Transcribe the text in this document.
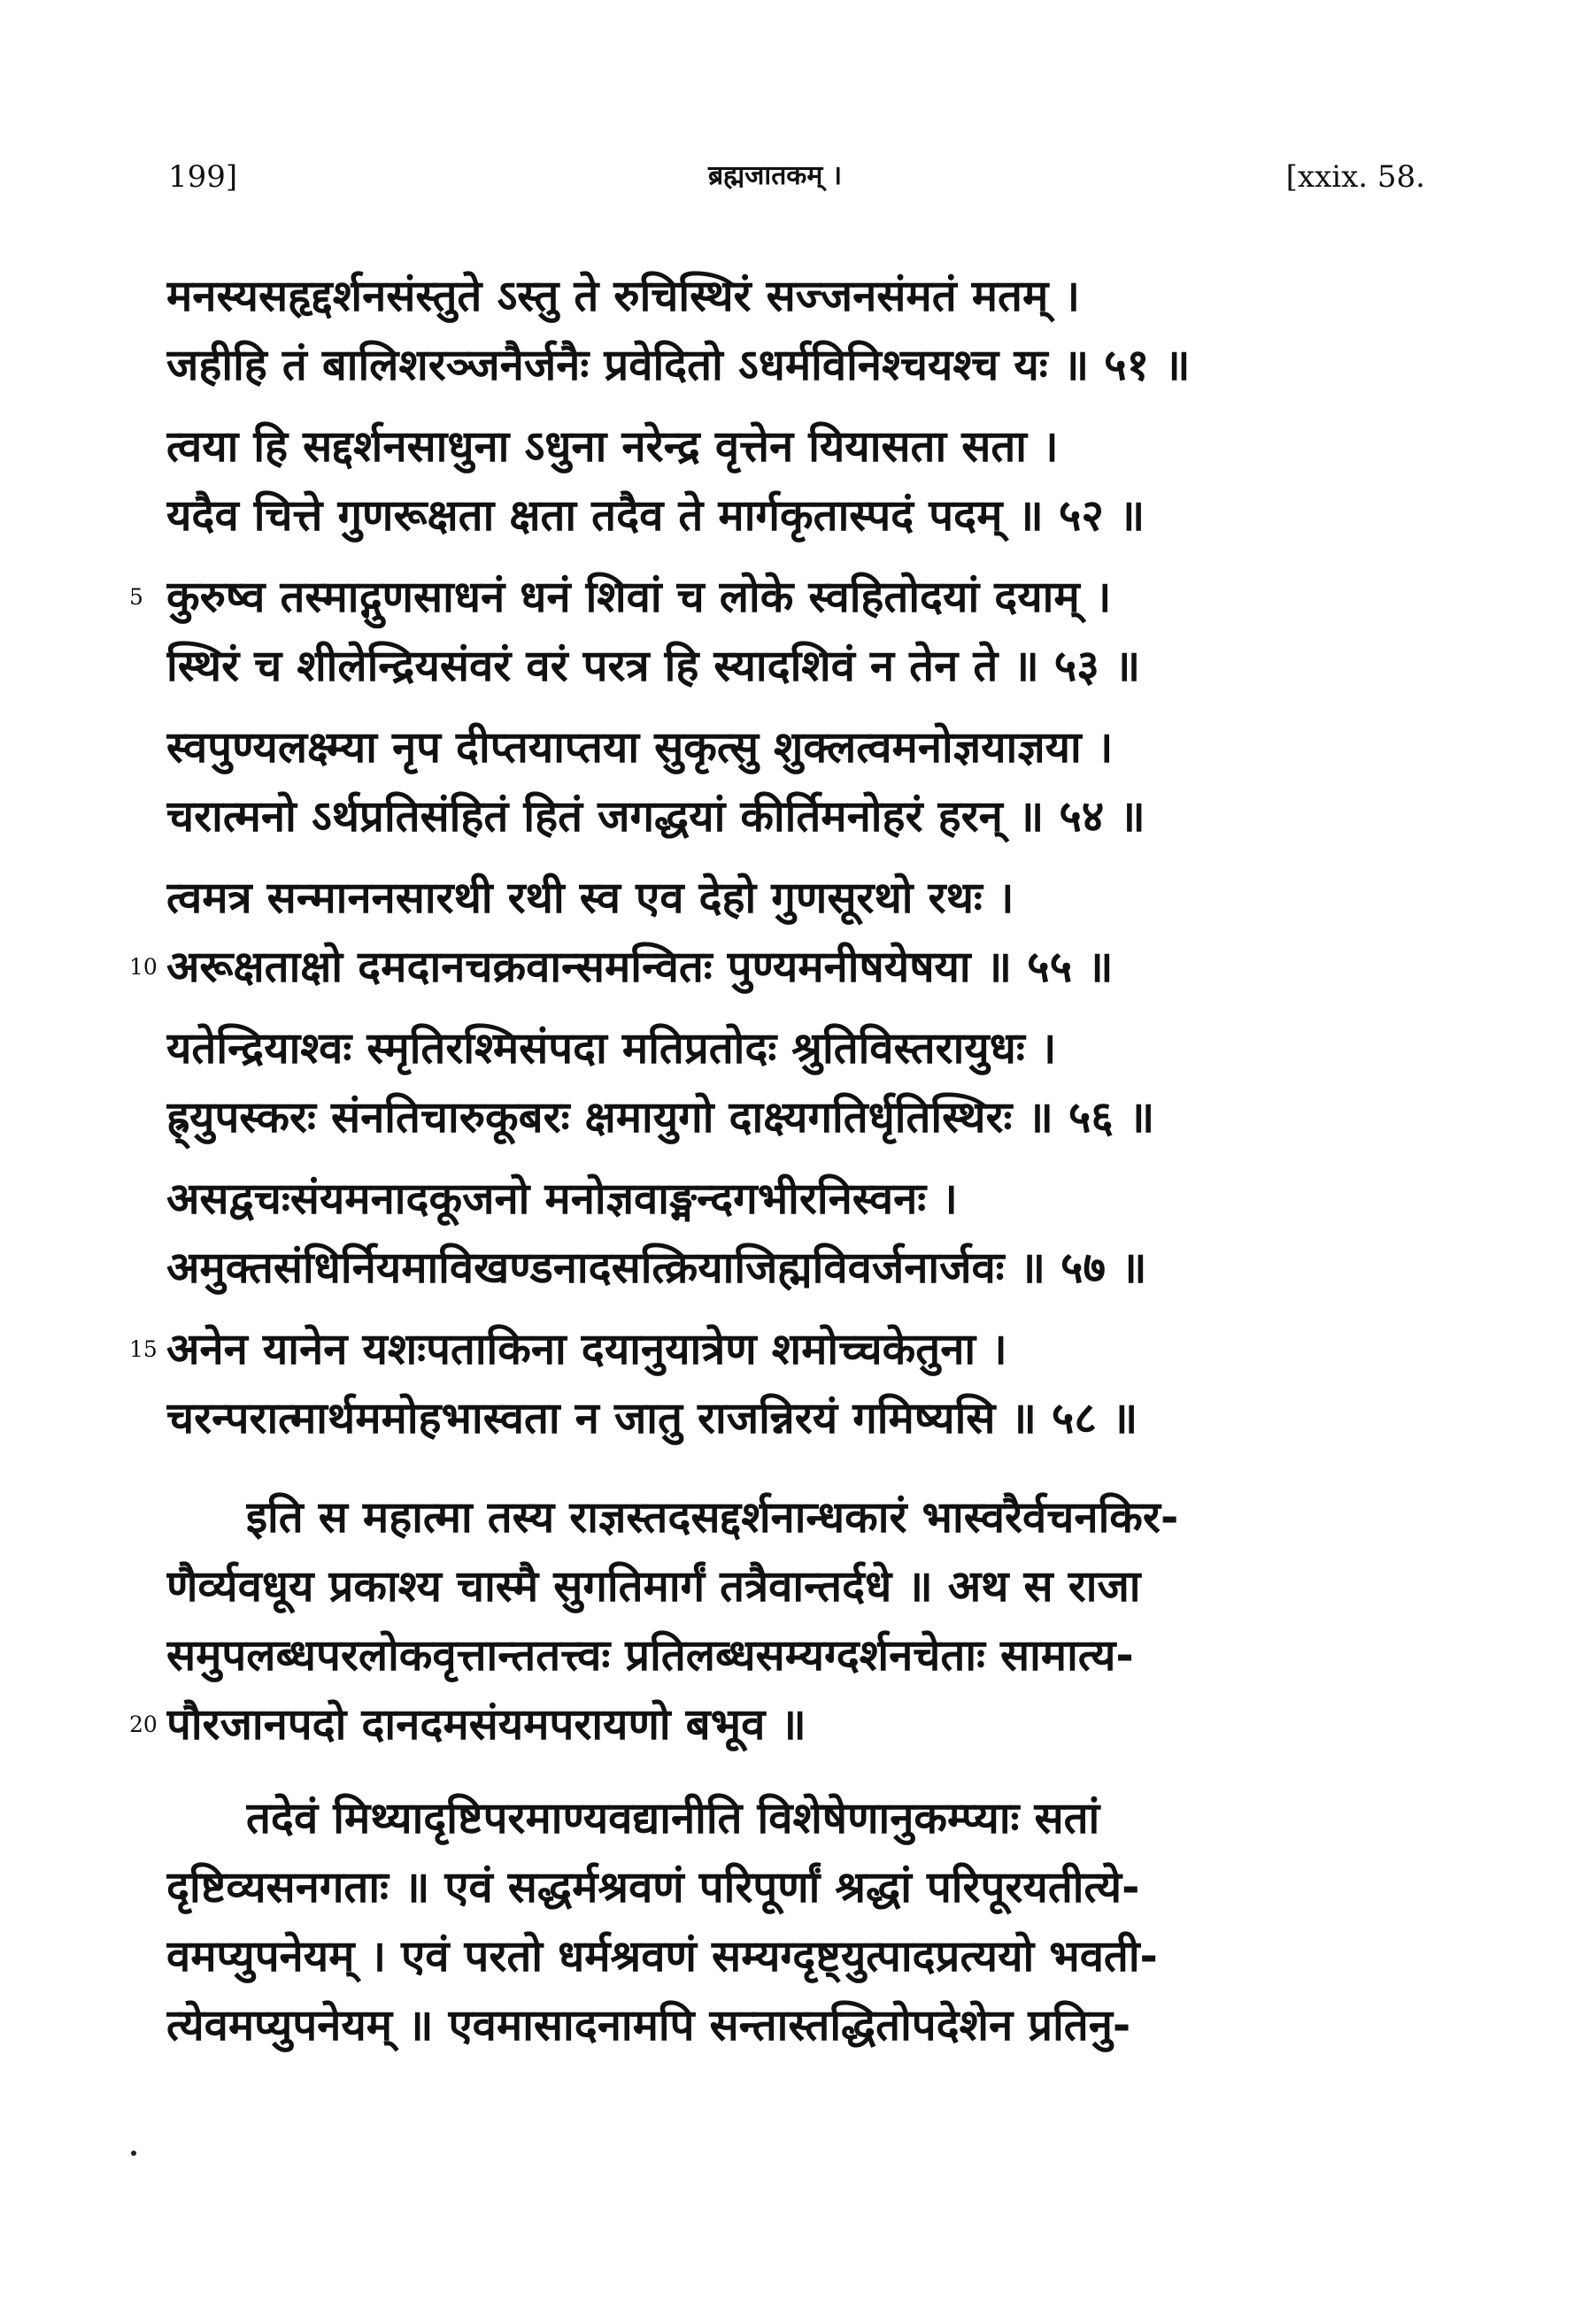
199]	ब्रह्मजातकम् ।	[xxix. 58.
मनस्यसहृद्दर्शनसंस्तुते ऽस्तु ते रुचिस्थिरं सज्जनसंमतं मतम् ।
जहीहि तं बालिशरञ्जनैर्जनैः प्रवेदितो ऽधर्मविनिश्चयश्च यः ॥ ५१ ॥
त्वया हि सद्दर्शनसाधुना ऽधुना नरेन्द्र वृत्तेन यियासता सता ।
यदैव चित्ते गुणरूक्षता क्षता तदैव ते मार्गकृतास्पदं पदम् ॥ ५२ ॥
कुरुष्व तस्माद्गुणसाधनं धनं शिवां च लोके स्वहितोदयां दयाम् ।
स्थिरं च शीलेन्द्रियसंवरं वरं परत्र हि स्यादशिवं न तेन ते ॥ ५३ ॥
स्वपुण्यलक्ष्म्या नृप दीप्तयाप्तया सुकृत्सु शुक्लत्वमनोज्ञयाज्ञया ।
चरात्मनो ऽर्थप्रतिसंहितं हितं जगद्धयां कीर्तिमनोहरं हरन् ॥ ५४ ॥
त्वमत्र सन्माननसारथी रथी स्व एव देहो गुणसूरथो रथः ।
अरूक्षताक्षो दमदानचक्रवान्समन्वितः पुण्यमनीषयेषया ॥ ५५ ॥
यतेन्द्रियाश्वः स्मृतिरश्मिसंपदा मतिप्रतोदः श्रुतिविस्तरायुधः ।
ह्र्युपस्करः संनतिचारुकूबरः क्षमायुगो दाक्ष्यगतिर्धृतिस्थिरः ॥ ५६ ॥
असद्वचःसंयमनादकूजनो मनोज्ञवाङ्मन्दगभीरनिस्वनः ।
अमुक्तसंधिर्नियमाविखण्डनादसत्क्रियाजिह्मविवर्जनार्जवः ॥ ५७ ॥
अनेन यानेन यशःपताकिना दयानुयात्रेण शमोच्चकेतुना ।
चरन्परात्मार्थममोहभास्वता न जातु राजन्निरयं गमिष्यसि ॥ ५८ ॥
इति स महात्मा तस्य राज्ञस्तदसद्दर्शनान्धकारं भास्वरैर्वचनकिर-
णैर्व्यवधूय प्रकाश्य चास्मै सुगतिमार्गं तत्रैवान्तर्दधे ॥ अथ स राजा
समुपलब्धपरलोकवृत्तान्ततत्त्वः प्रतिलब्धसम्यग्दर्शनचेताः सामात्य-
पौरजानपदो दानदमसंयमपरायणो बभूव ॥
तदेवं मिथ्यादृष्टिपरमाण्यवद्यानीति विशेषेणानुकम्प्याः सतां
दृष्टिव्यसनगताः ॥ एवं सद्धर्मश्रवणं परिपूर्णां श्रद्धां परिपूरयतीत्ये-
वमप्युपनेयम् । एवं परतो धर्मश्रवणं सम्यग्दृष्ट्युत्पादप्रत्ययो भवती-
त्येवमप्युपनेयम् ॥ एवमासादनामपि सन्तास्तद्धितोपदेशेन प्रतिनु-
5
10
15
20
